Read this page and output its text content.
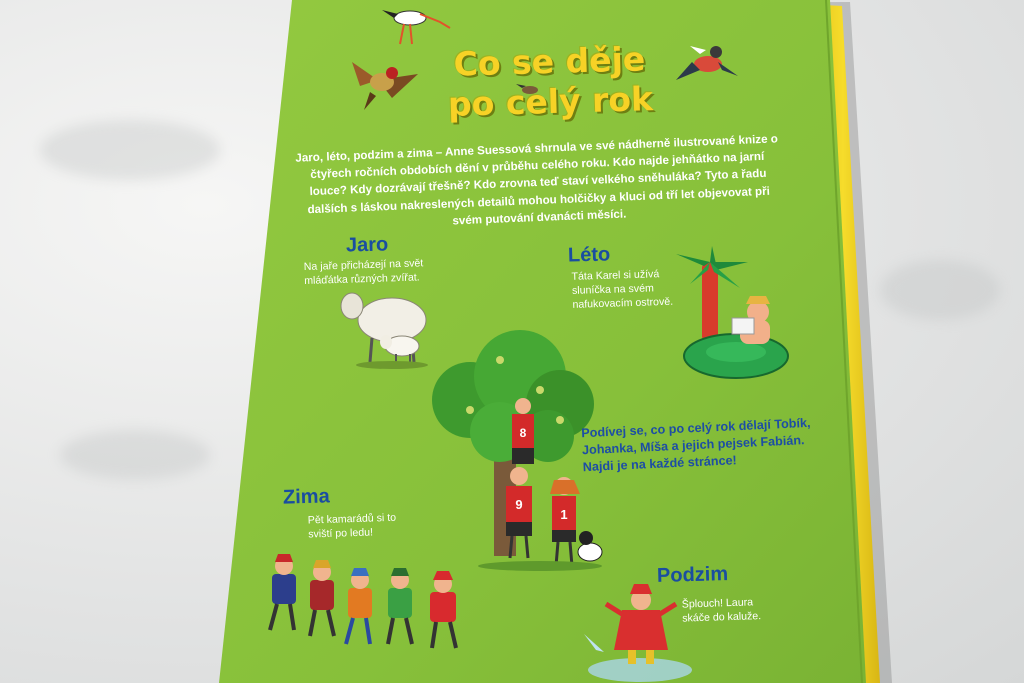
8
9
1
Co se děje
po celý rok
Jaro, léto, podzim a zima – Anne Suessová shrnula ve své nádherně ilustrované knize o čtyřech ročních obdobích dění v průběhu celého roku. Kdo najde jehňátko na jarní louce? Kdy dozrávají třešně? Kdo zrovna teď staví velkého sněhuláka? Tyto a řadu dalších s láskou nakreslených detailů mohou holčičky a kluci od tří let objevovat při svém putování dvanácti měsíci.
Jaro
Na jaře přicházejí na svět mláďátka různých zvířat.
Léto
Táta Karel si užívá sluníčka na svém nafukovacím ostrově.
Podívej se, co po celý rok dělají Tobík, Johanka, Míša a jejich pejsek Fabián. Najdi je na každé stránce!
Zima
Pět kamarádů si to sviští po ledu!
Podzim
Šplouch! Laura skáče do kaluže.
